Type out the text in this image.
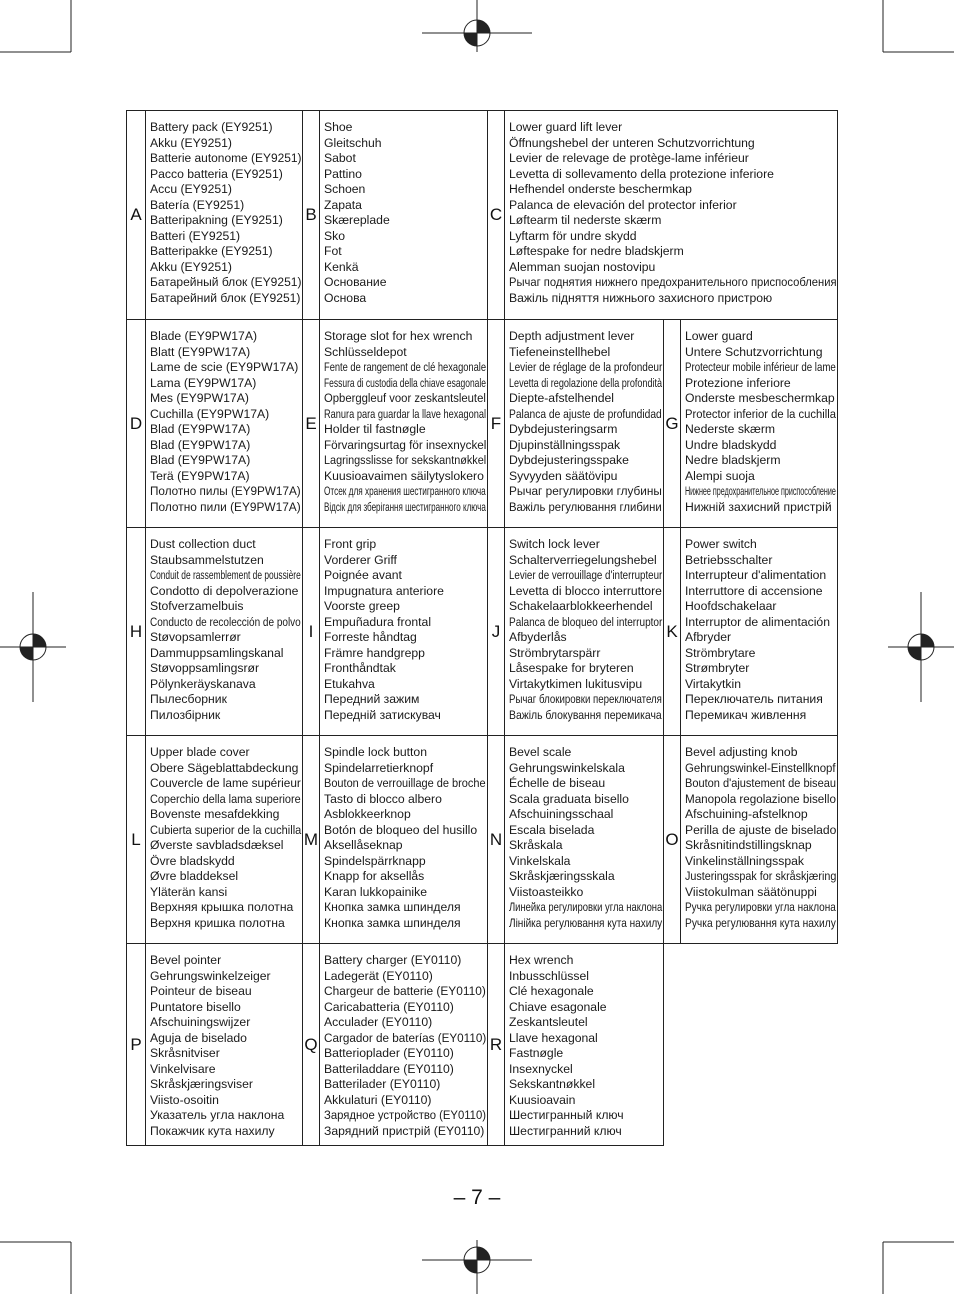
A
Battery pack (EY9251)
Akku (EY9251)
Batterie autonome (EY9251)
Pacco batteria (EY9251)
Accu (EY9251)
Batería (EY9251)
Batteripakning (EY9251)
Batteri (EY9251)
Batteripakke (EY9251)
Akku (EY9251)
Батарейный блок (EY9251)
Батарейний блок (EY9251)
B
Shoe
Gleitschuh
Sabot
Pattino
Schoen
Zapata
Skæreplade
Sko
Fot
Kenkä
Основание
Основа
C
Lower guard lift lever
Öffnungshebel der unteren Schutzvorrichtung
Levier de relevage de protège-lame inférieur
Levetta di sollevamento della protezione inferiore
Hefhendel onderste beschermkap
Palanca de elevación del protector inferior
Løftearm til nederste skærm
Lyftarm för undre skydd
Løftespake for nedre bladskjerm
Alemman suojan nostovipu
Рычаг поднятия нижнего предохранительного приспособления
Важіль підняття нижнього захисного пристрою
D
Blade (EY9PW17A)
Blatt (EY9PW17A)
Lame de scie (EY9PW17A)
Lama (EY9PW17A)
Mes (EY9PW17A)
Cuchilla (EY9PW17A)
Blad (EY9PW17A)
Blad (EY9PW17A)
Blad (EY9PW17A)
Terä (EY9PW17A)
Полотно пилы (EY9PW17A)
Полотно пили (EY9PW17A)
E
Storage slot for hex wrench
Schlüsseldepot
Fente de rangement de clé hexagonale
Fessura di custodia della chiave esagonale
Opberggleuf voor zeskantsleutel
Ranura para guardar la llave hexagonal
Holder til fastnøgle
Förvaringsurtag för insexnyckel
Lagringsslisse for sekskantnøkkel
Kuusioavaimen säilytyslokero
Отсек для хранения шестигранного ключа
Відсік для зберігання шестигранного ключа
F
Depth adjustment lever
Tiefeneinstellhebel
Levier de réglage de la profondeur
Levetta di regolazione della profondità
Diepte-afstelhendel
Palanca de ajuste de profundidad
Dybdejusteringsarm
Djupinställningsspak
Dybdejusteringsspake
Syvyyden säätövipu
Рычаг регулировки глубины
Важіль регулювання глибини
G
Lower guard
Untere Schutzvorrichtung
Protecteur mobile inférieur de lame
Protezione inferiore
Onderste mesbeschermkap
Protector inferior de la cuchilla
Nederste skærm
Undre bladskydd
Nedre bladskjerm
Alempi suoja
Нижнее предохранительное приспособление
Нижній захисний пристрій
H
Dust collection duct
Staubsammelstutzen
Conduit de rassemblement de poussière
Condotto di depolverazione
Stofverzamelbuis
Conducto de recolección de polvo
Støvopsamlerrør
Dammuppsamlingskanal
Støvoppsamlingsrør
Pölynkeräyskanava
Пылесборник
Пилозбірник
I
Front grip
Vorderer Griff
Poignée avant
Impugnatura anteriore
Voorste greep
Empuñadura frontal
Forreste håndtag
Främre handgrepp
Fronthåndtak
Etukahva
Передний зажим
Передній затискувач
J
Switch lock lever
Schalterverriegelungshebel
Levier de verrouillage d'interrupteur
Levetta di blocco interruttore
Schakelaarblokkeerhendel
Palanca de bloqueo del interruptor
Afbyderlås
Strömbrytarspärr
Låsespake for bryteren
Virtakytkimen lukitusvipu
Рычаг блокировки переключателя
Важіль блокування перемикача
K
Power switch
Betriebsschalter
Interrupteur d'alimentation
Interruttore di accensione
Hoofdschakelaar
Interruptor de alimentación
Afbryder
Strömbrytare
Strømbryter
Virtakytkin
Переключатель питания
Перемикач живлення
L
Upper blade cover
Obere Sägeblattabdeckung
Couvercle de lame supérieur
Coperchio della lama superiore
Bovenste mesafdekking
Cubierta superior de la cuchilla
Øverste savbladsdæksel
Övre bladskydd
Øvre bladdeksel
Yläterän kansi
Верхняя крышка полотна
Верхня кришка полотна
M
Spindle lock button
Spindelarretierknopf
Bouton de verrouillage de broche
Tasto di blocco albero
Asblokkeerknop
Botón de bloqueo del husillo
Aksellåseknap
Spindelspärrknapp
Knapp for aksellås
Karan lukkopainike
Кнопка замка шпинделя
Кнопка замка шпинделя
N
Bevel scale
Gehrungswinkelskala
Échelle de biseau
Scala graduata bisello
Afschuiningsschaal
Escala biselada
Skråskala
Vinkelskala
Skråskjæringsskala
Viistoasteikko
Линейка регулировки угла наклона
Лінійка регулювання кута нахилу
O
Bevel adjusting knob
Gehrungswinkel-Einstellknopf
Bouton d'ajustement de biseau
Manopola regolazione bisello
Afschuining-afstelknop
Perilla de ajuste de biselado
Skråsnitindstillingsknap
Vinkelinställningsspak
Justeringsspak for skråskjæring
Viistokulman säätönuppi
Ручка регулировки угла наклона
Ручка регулювання кута нахилу
P
Bevel pointer
Gehrungswinkelzeiger
Pointeur de biseau
Puntatore bisello
Afschuiningswijzer
Aguja de biselado
Skråsnitviser
Vinkelvisare
Skråskjæringsviser
Viisto-osoitin
Указатель угла наклона
Покажчик кута нахилу
Q
Battery charger (EY0110)
Ladegerät (EY0110)
Chargeur de batterie (EY0110)
Caricabatteria (EY0110)
Acculader (EY0110)
Cargador de baterías (EY0110)
Batterioplader (EY0110)
Batteriladdare (EY0110)
Batterilader (EY0110)
Akkulaturi (EY0110)
Зарядное устройство (EY0110)
Зарядний пристрій (EY0110)
R
Hex wrench
Inbusschlüssel
Clé hexagonale
Chiave esagonale
Zeskantsleutel
Llave hexagonal
Fastnøgle
Insexnyckel
Sekskantnøkkel
Kuusioavain
Шестигранный ключ
Шестигранний ключ
– 7 –
